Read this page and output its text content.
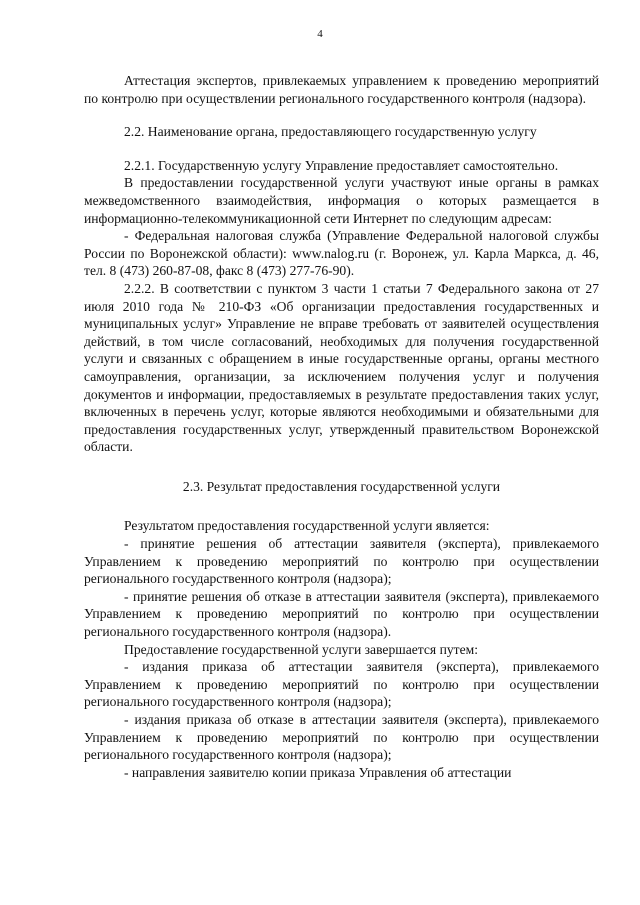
4

Аттестация экспертов, привлекаемых управлением к проведению мероприятий по контролю при осуществлении регионального государственного контроля (надзора).

2.2. Наименование органа, предоставляющего государственную услугу

2.2.1. Государственную услугу Управление предоставляет самостоятельно.

В предоставлении государственной услуги участвуют иные органы в рамках межведомственного взаимодействия, информация о которых размещается в информационно-телекоммуникационной сети Интернет по следующим адресам:

- Федеральная налоговая служба (Управление Федеральной налоговой службы России по Воронежской области): www.nalog.ru (г. Воронеж, ул. Карла Маркса, д. 46, тел. 8 (473) 260-87-08, факс 8 (473) 277-76-90).

2.2.2. В соответствии с пунктом 3 части 1 статьи 7 Федерального закона от 27 июля 2010 года № 210-ФЗ «Об организации предоставления государственных и муниципальных услуг» Управление не вправе требовать от заявителей осуществления действий, в том числе согласований, необходимых для получения государственной услуги и связанных с обращением в иные государственные органы, органы местного самоуправления, организации, за исключением получения услуг и получения документов и информации, предоставляемых в результате предоставления таких услуг, включенных в перечень услуг, которые являются необходимыми и обязательными для предоставления государственных услуг, утвержденный правительством Воронежской области.

2.3. Результат предоставления государственной услуги

Результатом предоставления государственной услуги является:

- принятие решения об аттестации заявителя (эксперта), привлекаемого Управлением к проведению мероприятий по контролю при осуществлении регионального государственного контроля (надзора);

- принятие решения об отказе в аттестации заявителя (эксперта), привлекаемого Управлением к проведению мероприятий по контролю при осуществлении регионального государственного контроля (надзора).

Предоставление государственной услуги завершается путем:

- издания приказа об аттестации заявителя (эксперта), привлекаемого Управлением к проведению мероприятий по контролю при осуществлении регионального государственного контроля (надзора);

- издания приказа об отказе в аттестации заявителя (эксперта), привлекаемого Управлением к проведению мероприятий по контролю при осуществлении регионального государственного контроля (надзора);

- направления заявителю копии приказа Управления об аттестации
